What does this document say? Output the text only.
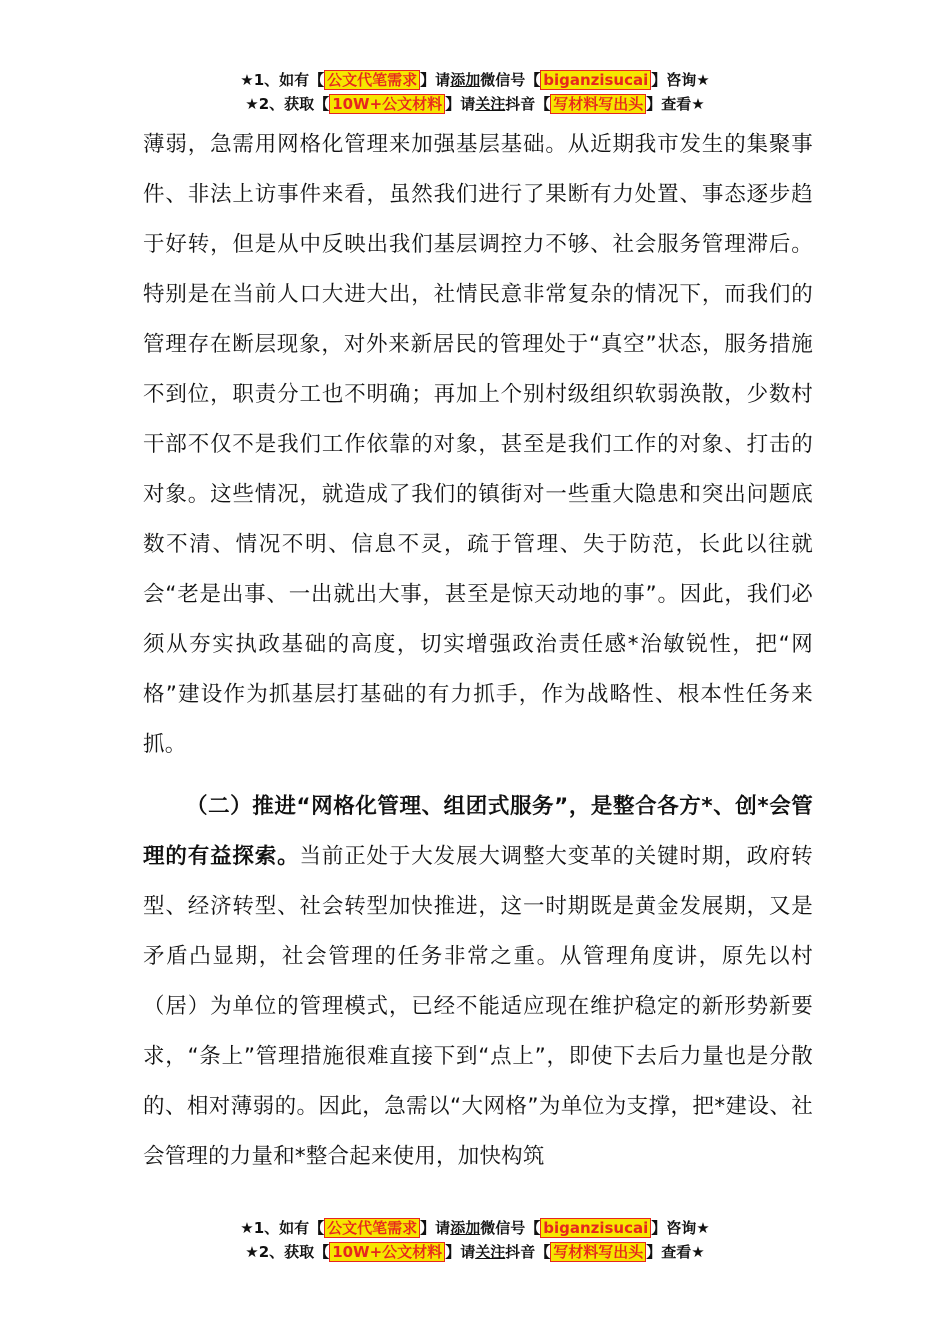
★1、如有【 公文代笔需求 】请添加微信号【 biganzisucai 】咨询★
★2、获取【 10W+公文材料 】请关注抖音【 写材料写出头 】查看★

薄弱，急需用网格化管理来加强基层基础。从近期我市发生的集聚事件、非法上访事件来看，虽然我们进行了果断有力处置、事态逐步趋于好转，但是从中反映出我们基层调控力不够、社会服务管理滞后。特别是在当前人口大进大出，社情民意非常复杂的情况下，而我们的管理存在断层现象，对外来新居民的管理处于“真空”状态，服务措施不到位，职责分工也不明确；再加上个别村级组织软弱涣散，少数村干部不仅不是我们工作依靠的对象，甚至是我们工作的对象、打击的对象。这些情况，就造成了我们的镇街对一些重大隐患和突出问题底数不清、情况不明、信息不灵，疏于管理、失于防范，长此以往就会“老是出事、一出就出大事，甚至是惊天动地的事”。因此，我们必须从夯实执政基础的高度，切实增强政治责任感*治敏锐性，把“网格”建设作为抓基层打基础的有力抓手，作为战略性、根本性任务来抓。

（二）推进“网格化管理、组团式服务”，是整合各方*、创*会管理的有益探索。当前正处于大发展大调整大变革的关键时期，政府转型、经济转型、社会转型加快推进，这一时期既是黄金发展期，又是矛盾凸显期，社会管理的任务非常之重。从管理角度讲，原先以村（居）为单位的管理模式，已经不能适应现在维护稳定的新形势新要求，“条上”管理措施很难直接下到“点上”，即使下去后力量也是分散的、相对薄弱的。因此，急需以“大网格”为单位为支撑，把*建设、社会管理的力量和*整合起来使用，加快构筑

★1、如有【 公文代笔需求 】请添加微信号【 biganzisucai 】咨询★
★2、获取【 10W+公文材料 】请关注抖音【 写材料写出头 】查看★
